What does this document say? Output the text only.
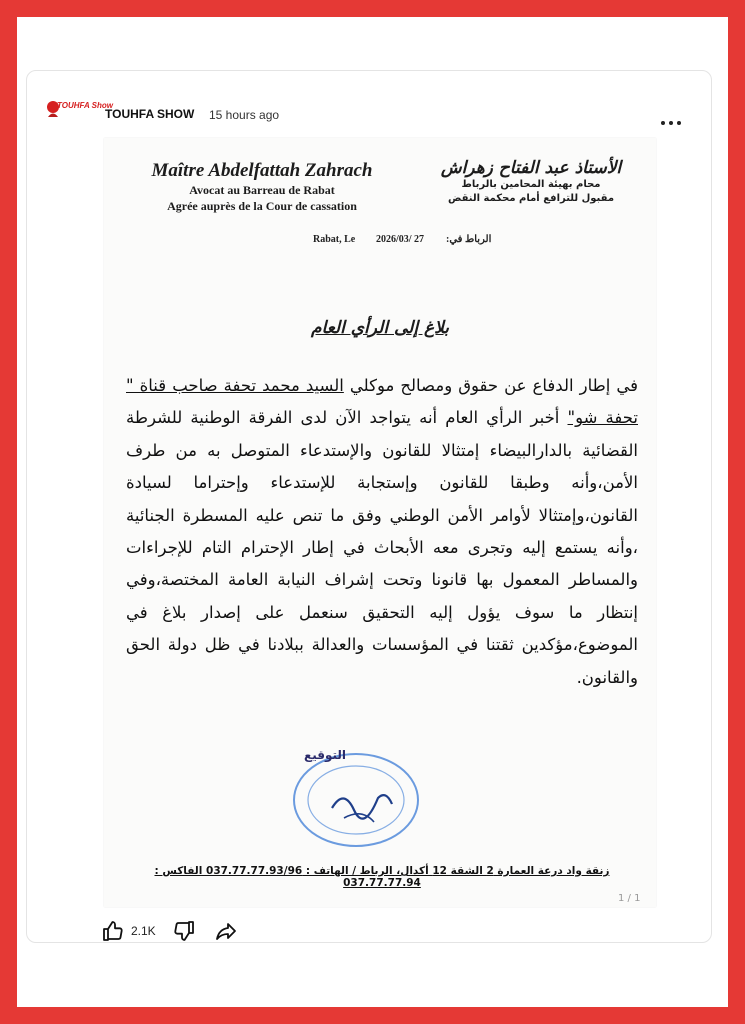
TOUHFA Show
TOUHFA SHOW 15 hours ago
Maître Abdelfattah Zahrach
Avocat au Barreau de Rabat
Agrée auprès de la Cour de cassation
الأستاذ عبد الفتاح زهراش
محام بهيئة المحامين بالرباط
مقبول للترافع أمام محكمة النقض
Rabat, Le 2026/03/ 27 الرباط في:
بلاغ إلى الرأي العام

في إطار الدفاع عن حقوق ومصالح موكلي السيد محمد تحفة صاحب قناة " تحفة شو" أخبر الرأي العام أنه يتواجد الآن لدى الفرقة الوطنية للشرطة القضائية بالدارالبيضاء إمتثالا للقانون والإستدعاء المتوصل به من طرف الأمن،وأنه وطبقا للقانون وإستجابة للإستدعاء وإحتراما لسيادة القانون،وإمتثالا لأوامر الأمن الوطني وفق ما تنص عليه المسطرة الجنائية ،وأنه يستمع إليه وتجرى معه الأبحاث في إطار الإحترام التام للإجراءات والمساطر المعمول بها قانونا وتحت إشراف النيابة العامة المختصة،وفي إنتظار ما سوف يؤول إليه التحقيق سنعمل على إصدار بلاغ في الموضوع،مؤكدين ثقتنا في المؤسسات والعدالة ببلادنا في ظل دولة الحق والقانون.

التوقيع
زنقة واد درعة العمارة 2 الشقة 12 أكدال، الرباط / الهاتف : 037.77.77.93/96 الفاكس : 037.77.77.94
1 / 1
2.1K
